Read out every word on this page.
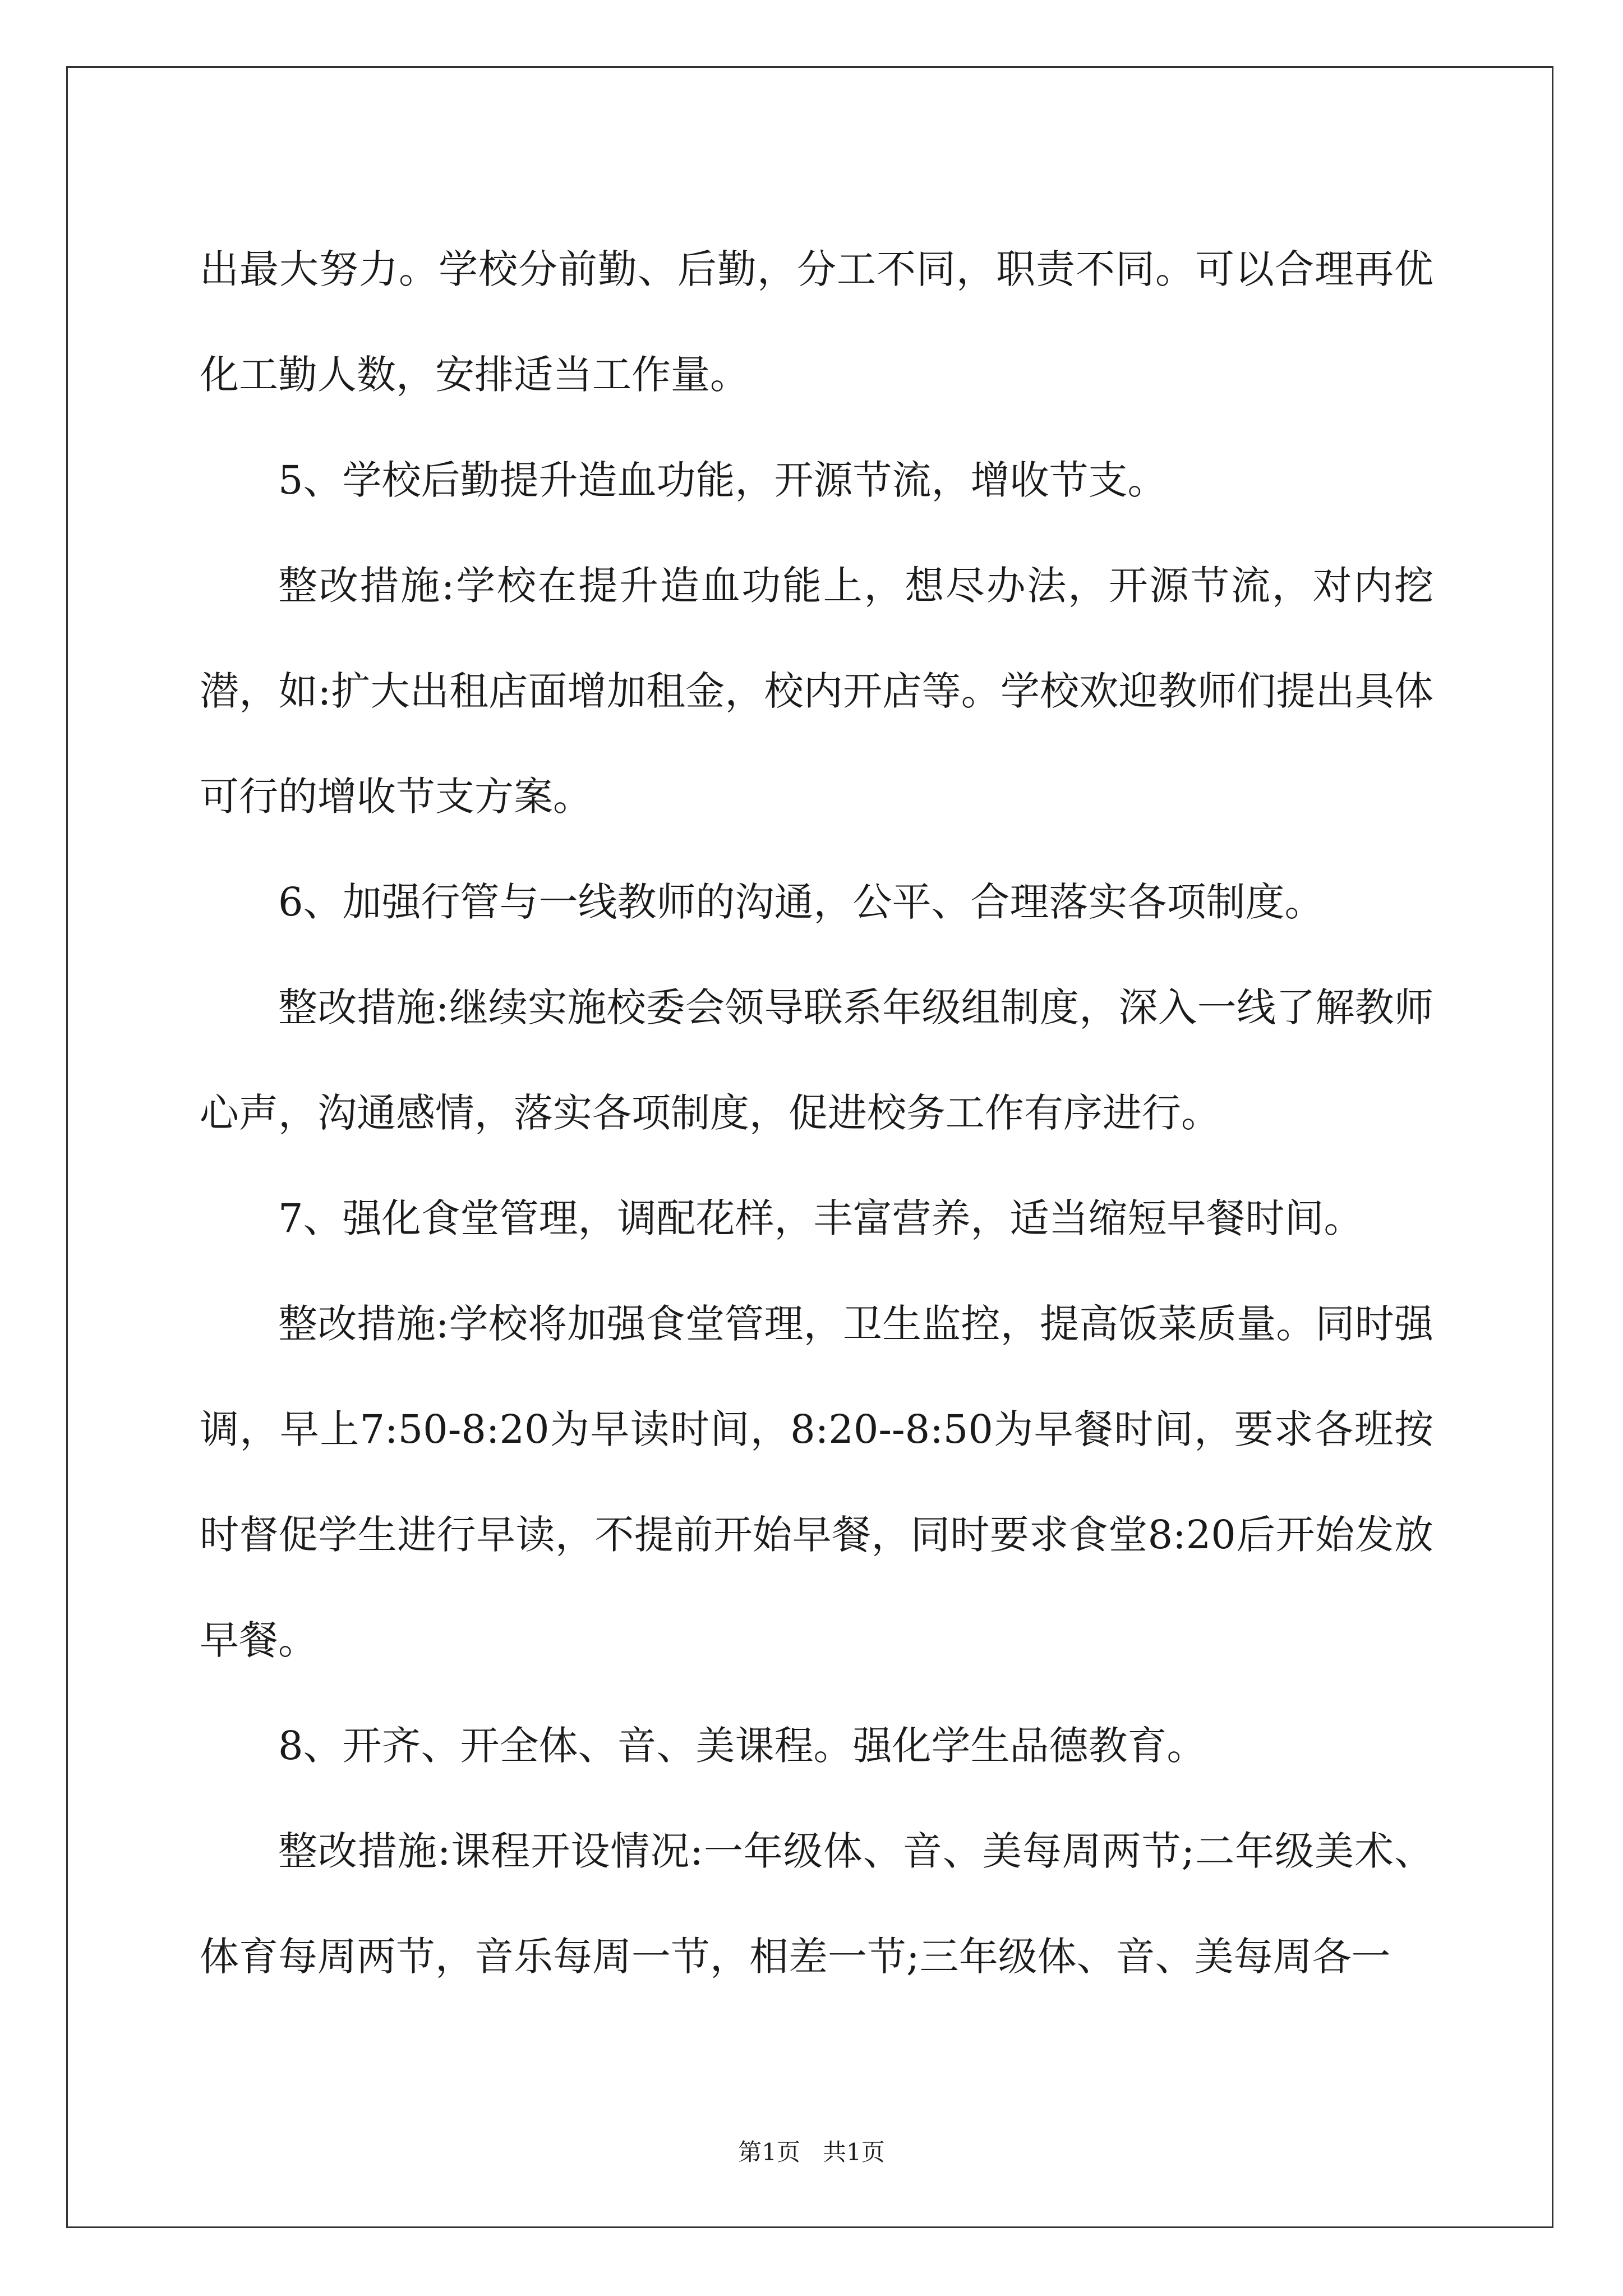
出最大努力。学校分前勤、后勤，分工不同，职责不同。可以合理再优化工勤人数，安排适当工作量。

5、学校后勤提升造血功能，开源节流，增收节支。

整改措施:学校在提升造血功能上，想尽办法，开源节流，对内挖潜，如:扩大出租店面增加租金，校内开店等。学校欢迎教师们提出具体可行的增收节支方案。

6、加强行管与一线教师的沟通，公平、合理落实各项制度。

整改措施:继续实施校委会领导联系年级组制度，深入一线了解教师心声，沟通感情，落实各项制度，促进校务工作有序进行。

7、强化食堂管理，调配花样，丰富营养，适当缩短早餐时间。

整改措施:学校将加强食堂管理，卫生监控，提高饭菜质量。同时强调，早上7:50-8:20为早读时间，8:20--8:50为早餐时间，要求各班按时督促学生进行早读，不提前开始早餐，同时要求食堂8:20后开始发放早餐。

8、开齐、开全体、音、美课程。强化学生品德教育。

整改措施:课程开设情况:一年级体、音、美每周两节;二年级美术、体育每周两节，音乐每周一节，相差一节;三年级体、音、美每周各一

第1页 共1页
